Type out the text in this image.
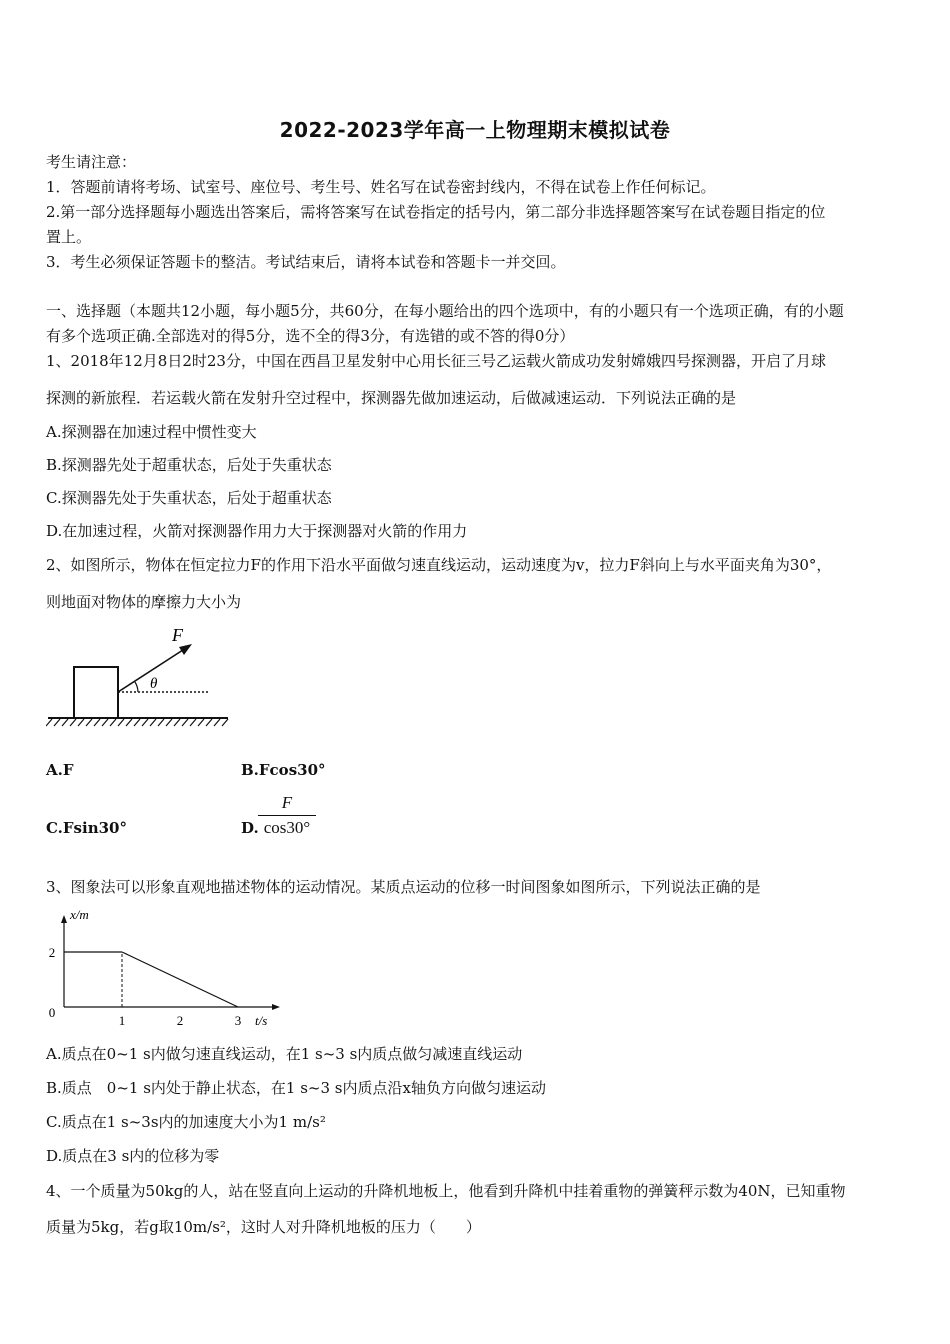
2022-2023学年高一上物理期末模拟试卷
考生请注意：
1．答题前请将考场、试室号、座位号、考生号、姓名写在试卷密封线内，不得在试卷上作任何标记。
2.第一部分选择题每小题选出答案后，需将答案写在试卷指定的括号内，第二部分非选择题答案写在试卷题目指定的位
置上。
3．考生必须保证答题卡的整洁。考试结束后，请将本试卷和答题卡一并交回。
一、选择题（本题共12小题，每小题5分，共60分，在每小题给出的四个选项中，有的小题只有一个选项正确，有的小题
有多个选项正确.全部选对的得5分，选不全的得3分，有选错的或不答的得0分）
1、2018年12月8日2时23分，中国在西昌卫星发射中心用长征三号乙运载火箭成功发射嫦娥四号探测器，开启了月球
探测的新旅程．若运载火箭在发射升空过程中，探测器先做加速运动，后做减速运动．下列说法正确的是
A.探测器在加速过程中惯性变大
B.探测器先处于超重状态，后处于失重状态
C.探测器先处于失重状态，后处于超重状态
D.在加速过程，火箭对探测器作用力大于探测器对火箭的作用力
2、如图所示，物体在恒定拉力F的作用下沿水平面做匀速直线运动，运动速度为v，拉力F斜向上与水平面夹角为30°，
则地面对物体的摩擦力大小为
F
θ
A.F	B.Fcos30°
C.Fsin30°	D.
F
cos30°
3、图象法可以形象直观地描述物体的运动情况。某质点运动的位移一时间图象如图所示，下列说法正确的是
1	2	3
2
0
t/s
x/m
A.质点在0~1 s内做匀速直线运动，在1 s~3 s内质点做匀减速直线运动
B.质点　0~1 s内处于静止状态，在1 s~3 s内质点沿x轴负方向做匀速运动
C.质点在1 s~3s内的加速度大小为1 m/s²
D.质点在3 s内的位移为零
4、一个质量为50kg的人，站在竖直向上运动的升降机地板上，他看到升降机中挂着重物的弹簧秤示数为40N，已知重物
质量为5kg，若g取10m/s²，这时人对升降机地板的压力（　　）
